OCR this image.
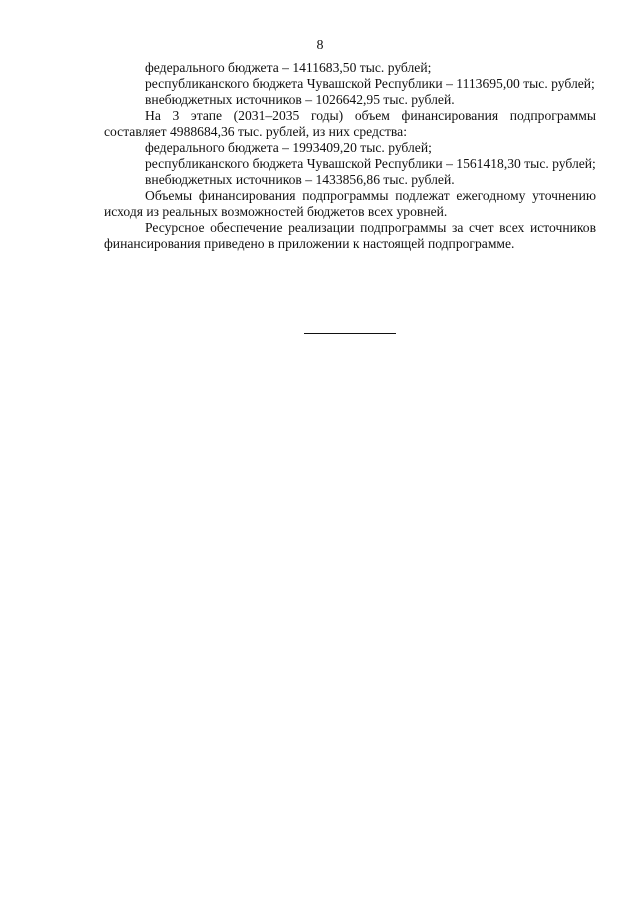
8

федерального бюджета – 1411683,50 тыс. рублей;

республиканского бюджета Чувашской Республики – 1113695,00 тыс. рублей;

внебюджетных источников – 1026642,95 тыс. рублей.

На 3 этапе (2031–2035 годы) объем финансирования подпрограммы составляет 4988684,36 тыс. рублей, из них средства:

федерального бюджета – 1993409,20 тыс. рублей;

республиканского бюджета Чувашской Республики – 1561418,30 тыс. рублей;

внебюджетных источников – 1433856,86 тыс. рублей.

Объемы финансирования подпрограммы подлежат ежегодному уточнению исходя из реальных возможностей бюджетов всех уровней.

Ресурсное обеспечение реализации подпрограммы за счет всех источников финансирования приведено в приложении к настоящей подпрограмме.
